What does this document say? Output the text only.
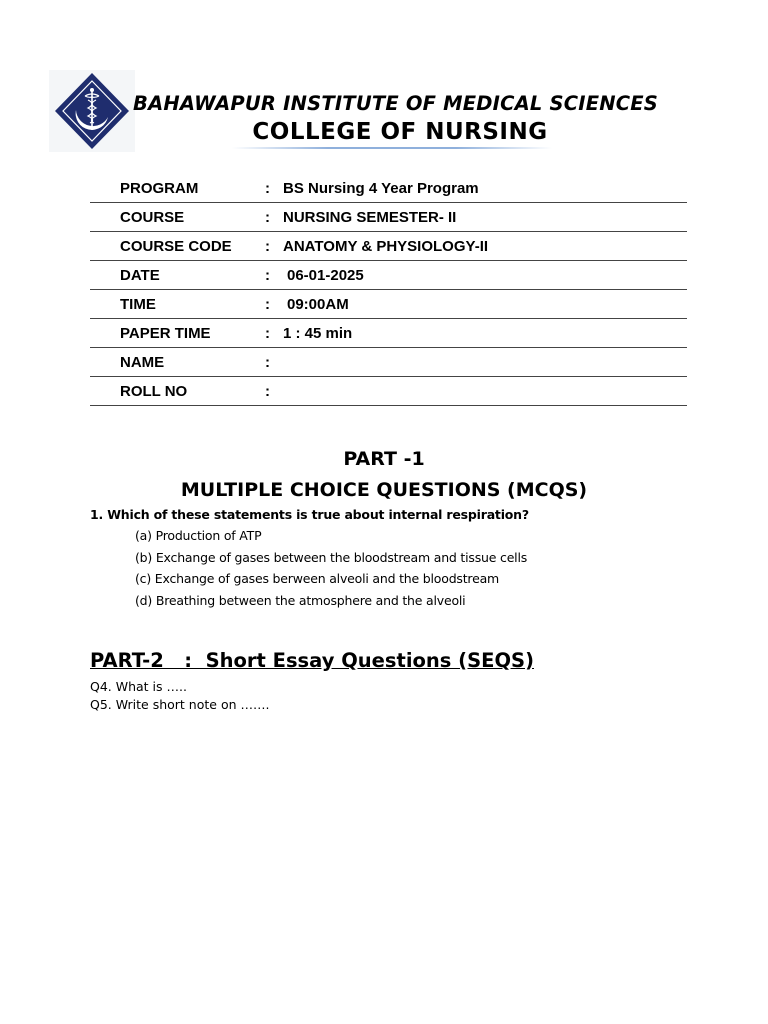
BAHAWAPUR INSTITUTE OF MEDICAL SCIENCES
COLLEGE OF NURSING
PROGRAM	: BS Nursing 4 Year Program
COURSE	: NURSING SEMESTER- II
COURSE CODE : ANATOMY & PHYSIOLOGY-II
DATE	: 06-01-2025
TIME	: 09:00AM
PAPER TIME	: 1 : 45 min
NAME	:
ROLL NO	:
PART -1
MULTIPLE CHOICE QUESTIONS (MCQS)
1. Which of these statements is true about internal respiration?
(a) Production of ATP
(b) Exchange of gases between the bloodstream and tissue cells
(c) Exchange of gases berween alveoli and the bloodstream
(d) Breathing between the atmosphere and the alveoli
PART-2   :  Short Essay Questions (SEQS)
Q4. What is …..
Q5. Write short note on …….
